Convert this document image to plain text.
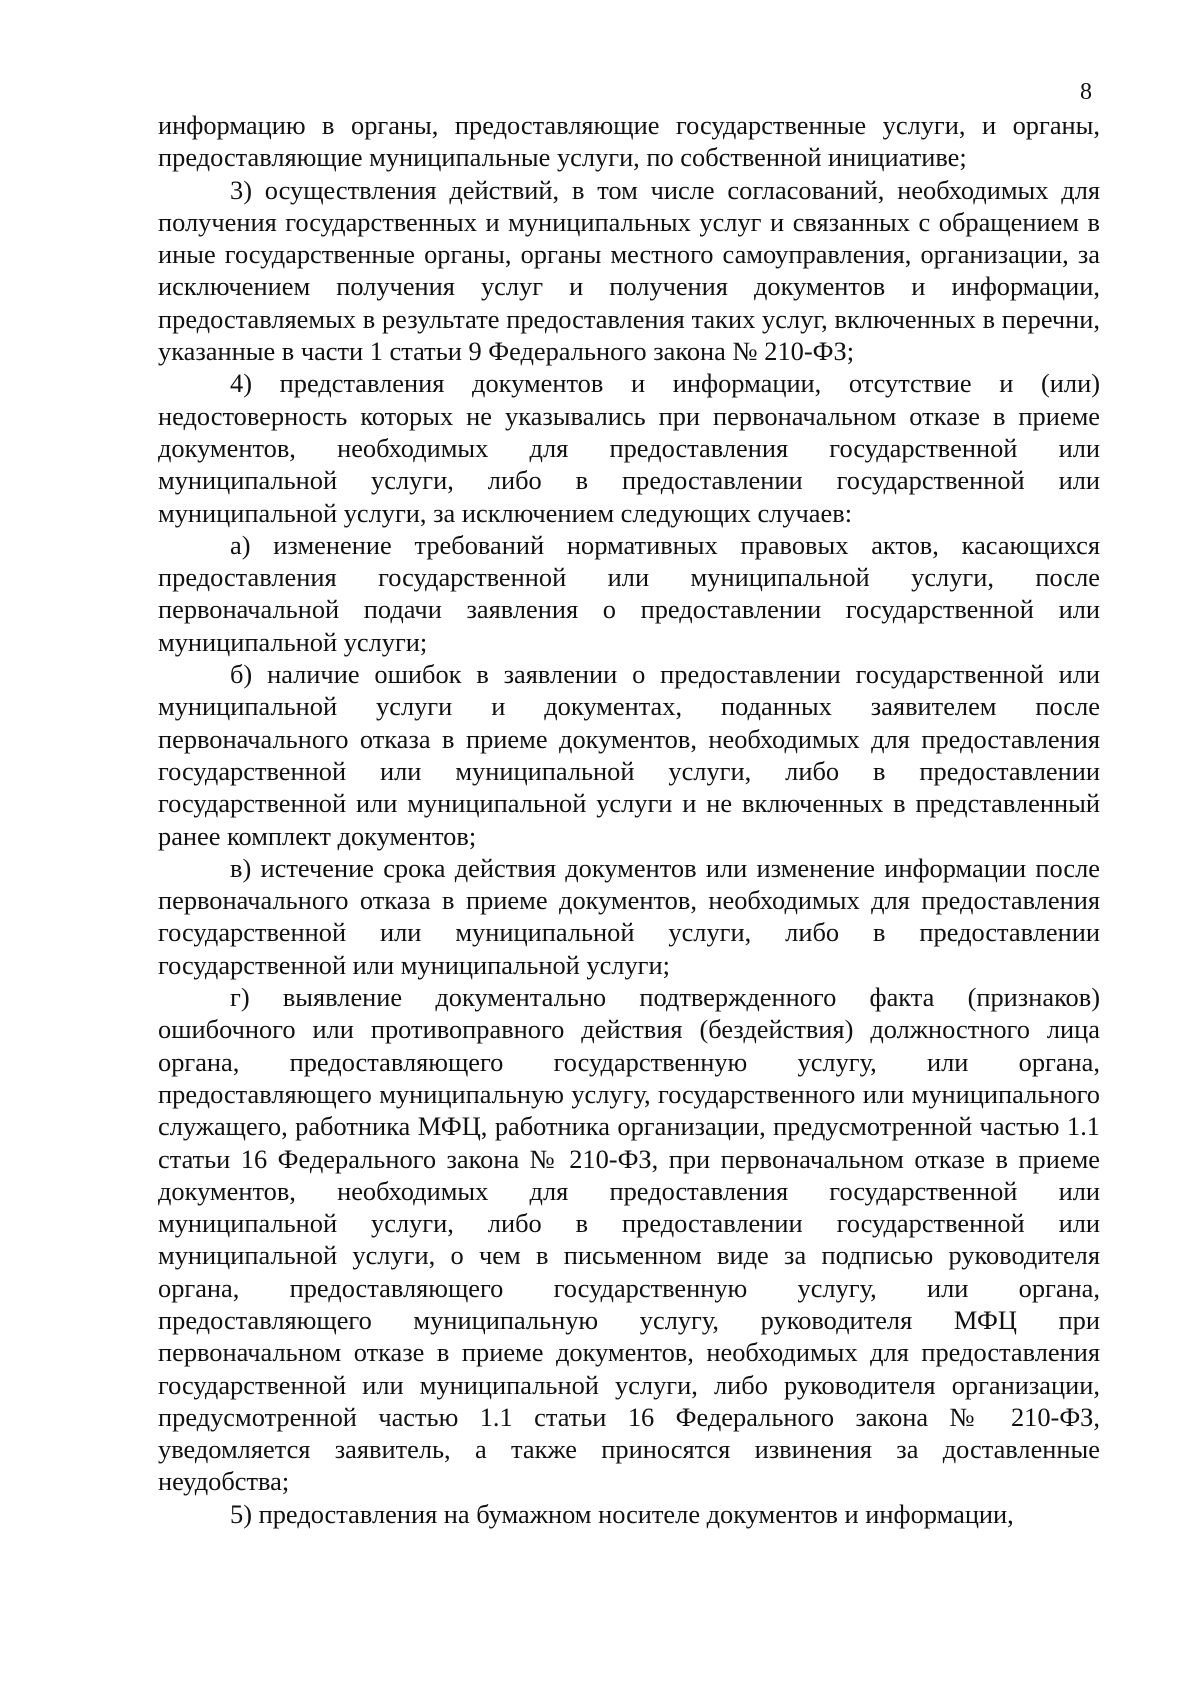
8

информацию в органы, предоставляющие государственные услуги, и органы, предоставляющие муниципальные услуги, по собственной инициативе;

3) осуществления действий, в том числе согласований, необходимых для получения государственных и муниципальных услуг и связанных с обращением в иные государственные органы, органы местного самоуправления, организации, за исключением получения услуг и получения документов и информации, предоставляемых в результате предоставления таких услуг, включенных в перечни, указанные в части 1 статьи 9 Федерального закона № 210-ФЗ;

4) представления документов и информации, отсутствие и (или) недостоверность которых не указывались при первоначальном отказе в приеме документов, необходимых для предоставления государственной или муниципальной услуги, либо в предоставлении государственной или муниципальной услуги, за исключением следующих случаев:

а) изменение требований нормативных правовых актов, касающихся предоставления государственной или муниципальной услуги, после первоначальной подачи заявления о предоставлении государственной или муниципальной услуги;

б) наличие ошибок в заявлении о предоставлении государственной или муниципальной услуги и документах, поданных заявителем после первоначального отказа в приеме документов, необходимых для предоставления государственной или муниципальной услуги, либо в предоставлении государственной или муниципальной услуги и не включенных в представленный ранее комплект документов;

в) истечение срока действия документов или изменение информации после первоначального отказа в приеме документов, необходимых для предоставления государственной или муниципальной услуги, либо в предоставлении государственной или муниципальной услуги;

г) выявление документально подтвержденного факта (признаков) ошибочного или противоправного действия (бездействия) должностного лица органа, предоставляющего государственную услугу, или органа, предоставляющего муниципальную услугу, государственного или муниципального служащего, работника МФЦ, работника организации, предусмотренной частью 1.1 статьи 16 Федерального закона № 210-ФЗ, при первоначальном отказе в приеме документов, необходимых для предоставления государственной или муниципальной услуги, либо в предоставлении государственной или муниципальной услуги, о чем в письменном виде за подписью руководителя органа, предоставляющего государственную услугу, или органа, предоставляющего муниципальную услугу, руководителя МФЦ при первоначальном отказе в приеме документов, необходимых для предоставления государственной или муниципальной услуги, либо руководителя организации, предусмотренной частью 1.1 статьи 16 Федерального закона № 210-ФЗ, уведомляется заявитель, а также приносятся извинения за доставленные неудобства;

5) предоставления на бумажном носителе документов и информации,
